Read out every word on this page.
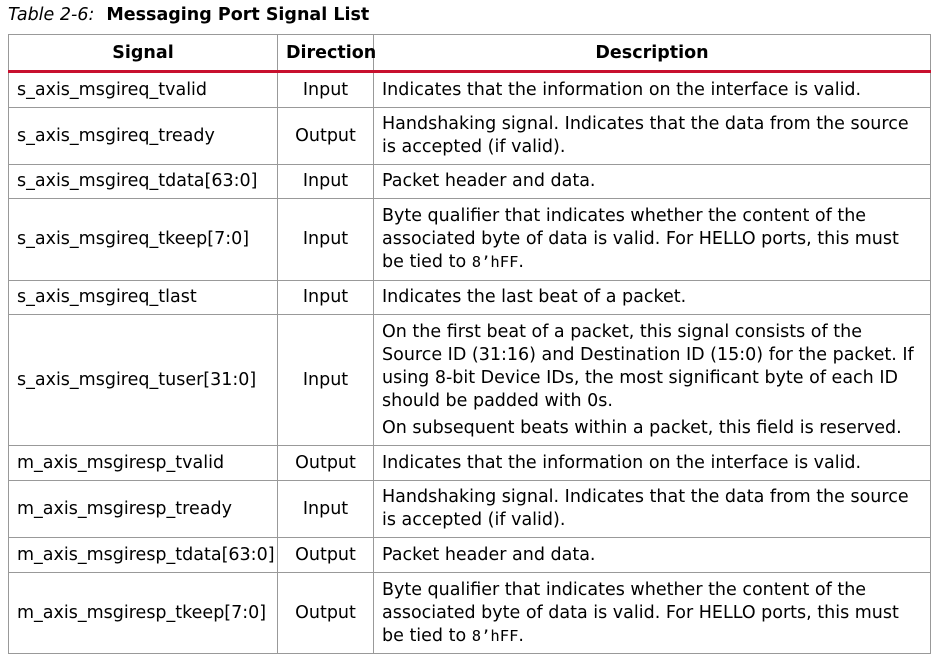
Table 2-6: Messaging Port Signal List
Signal	Direction	Description
s_axis_msgireq_tvalid	Input	Indicates that the information on the interface is valid.

s_axis_msgireq_tready	Output	Handshaking signal. Indicates that the data from the source is accepted (if valid).

s_axis_msgireq_tdata[63:0]	Input	Packet header and data.

s_axis_msgireq_tkeep[7:0]	Input	Byte qualifier that indicates whether the content of the associated byte of data is valid. For HELLO ports, this must be tied to 8’hFF.

s_axis_msgireq_tlast	Input	Indicates the last beat of a packet.

s_axis_msgireq_tuser[31:0]	Input	On the first beat of a packet, this signal consists of the Source ID (31:16) and Destination ID (15:0) for the packet. If using 8-bit Device IDs, the most significant byte of each ID should be padded with 0s.
On subsequent beats within a packet, this field is reserved.

m_axis_msgiresp_tvalid	Output	Indicates that the information on the interface is valid.

m_axis_msgiresp_tready	Input	Handshaking signal. Indicates that the data from the source is accepted (if valid).

m_axis_msgiresp_tdata[63:0]	Output	Packet header and data.

m_axis_msgiresp_tkeep[7:0]	Output	Byte qualifier that indicates whether the content of the associated byte of data is valid. For HELLO ports, this must be tied to 8’hFF.
